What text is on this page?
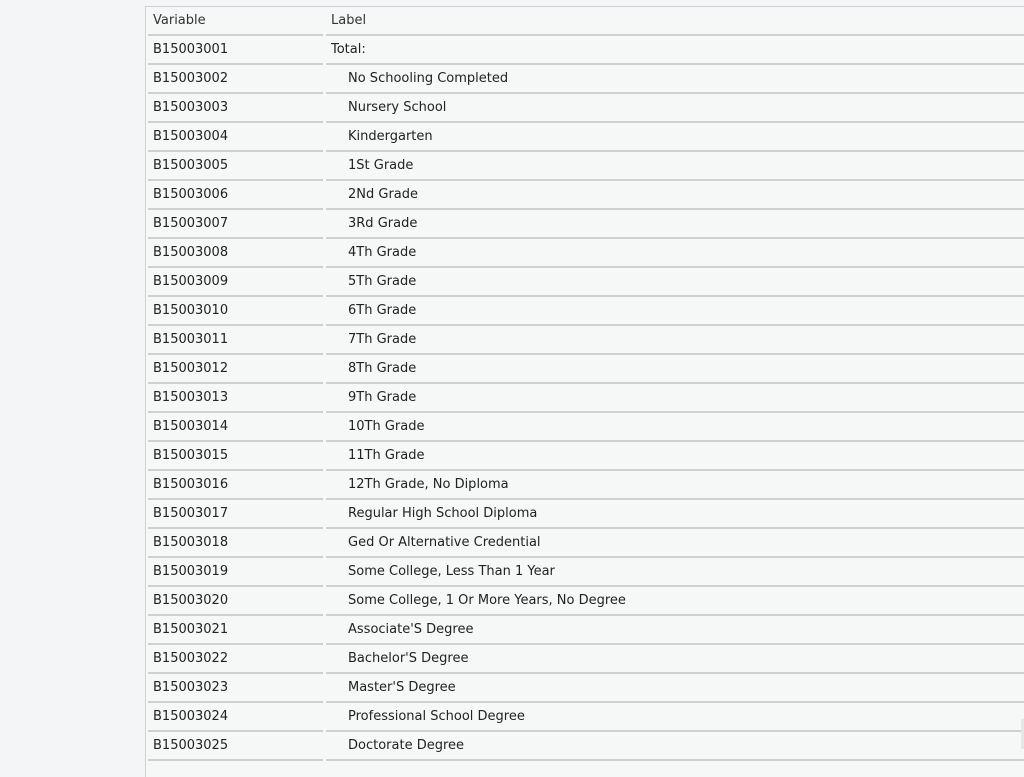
Variable	Label
B15003001	Total:
B15003002	No Schooling Completed
B15003003	Nursery School
B15003004	Kindergarten
B15003005	1St Grade
B15003006	2Nd Grade
B15003007	3Rd Grade
B15003008	4Th Grade
B15003009	5Th Grade
B15003010	6Th Grade
B15003011	7Th Grade
B15003012	8Th Grade
B15003013	9Th Grade
B15003014	10Th Grade
B15003015	11Th Grade
B15003016	12Th Grade, No Diploma
B15003017	Regular High School Diploma
B15003018	Ged Or Alternative Credential
B15003019	Some College, Less Than 1 Year
B15003020	Some College, 1 Or More Years, No Degree
B15003021	Associate'S Degree
B15003022	Bachelor'S Degree
B15003023	Master'S Degree
B15003024	Professional School Degree
B15003025	Doctorate Degree
